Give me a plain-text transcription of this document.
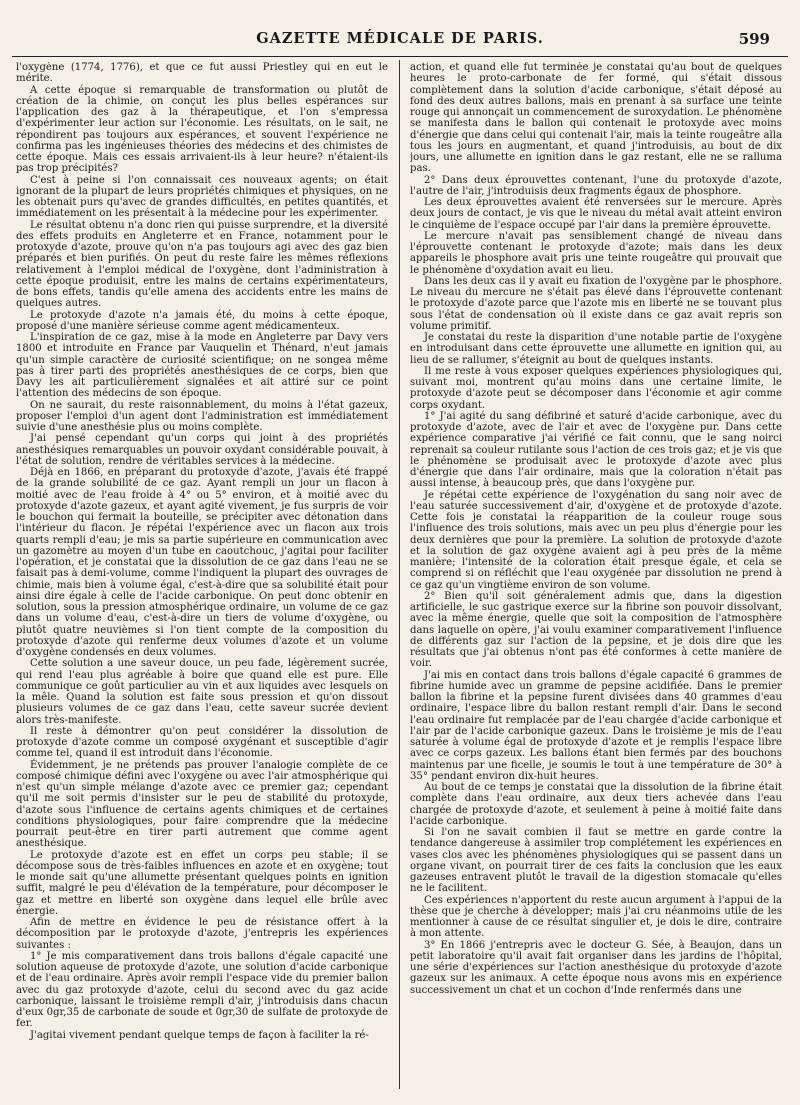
GAZETTE MÉDICALE DE PARIS.	599

l'oxygène (1774, 1776), et que ce fut aussi Priestley qui en eut le mérite.

A cette époque si remarquable de transformation ou plutôt de création de la chimie, on conçut les plus belles espérances sur l'application des gaz à la thérapeutique, et l'on s'empressa d'expérimenter leur action sur l'économie. Les résultats, on le sait, ne répondirent pas toujours aux espérances, et souvent l'expérience ne confirma pas les ingénieuses théories des médecins et des chimistes de cette époque. Mais ces essais arrivaient-ils à leur heure? n'étaient-ils pas trop précipités?

C'est à peine si l'on connaissait ces nouveaux agents; on était ignorant de la plupart de leurs propriétés chimiques et physiques, on ne les obtenait purs qu'avec de grandes difficultés, en petites quantités, et immédiatement on les présentait à la médecine pour les expérimenter.

Le résultat obtenu n'a donc rien qui puisse surprendre, et la diversité des effets produits en Angleterre et en France, notamment pour le protoxyde d'azote, prouve qu'on n'a pas toujours agi avec des gaz bien préparés et bien purifiés. On peut du reste faire les mêmes réflexions relativement à l'emploi médical de l'oxygène, dont l'administration à cette époque produisit, entre les mains de certains expérimentateurs, de bons effets, tandis qu'elle amena des accidents entre les mains de quelques autres.

Le protoxyde d'azote n'a jamais été, du moins à cette époque, proposé d'une manière sérieuse comme agent médicamenteux.

L'inspiration de ce gaz, mise à la mode en Angleterre par Davy vers 1800 et introduite en France par Vauquelin et Thénard, n'eut jamais qu'un simple caractère de curiosité scientifique; on ne songea même pas à tirer parti des propriétés anesthésiques de ce corps, bien que Davy les ait particulièrement signalées et ait attiré sur ce point l'attention des médecins de son époque.

On ne saurait, du reste raisonnablement, du moins à l'état gazeux, proposer l'emploi d'un agent dont l'administration est immédiatement suivie d'une anesthésie plus ou moins complète.

J'ai pensé cependant qu'un corps qui joint à des propriétés anesthésiques remarquables un pouvoir oxydant considérable pouvait, à l'état de solution, rendre de véritables services à la médecine.

Déjà en 1866, en préparant du protoxyde d'azote, j'avais été frappé de la grande solubilité de ce gaz. Ayant rempli un jour un flacon à moitié avec de l'eau froide à 4° ou 5° environ, et à moitié avec du protoxyde d'azote gazeux, et ayant agité vivement, je fus surpris de voir le bouchon qui fermait la bouteille, se précipiter avec détonation dans l'intérieur du flacon. Je répétai l'expérience avec un flacon aux trois quarts rempli d'eau; je mis sa partie supérieure en communication avec un gazomètre au moyen d'un tube en caoutchouc, j'agitai pour faciliter l'opération, et je constatai que la dissolution de ce gaz dans l'eau ne se faisait pas à demi-volume, comme l'indiquent la plupart des ouvrages de chimie, mais bien à volume égal, c'est-à-dire que sa solubilité était pour ainsi dire égale à celle de l'acide carbonique. On peut donc obtenir en solution, sous la pression atmosphérique ordinaire, un volume de ce gaz dans un volume d'eau, c'est-à-dire un tiers de volume d'oxygène, ou plutôt quatre neuvièmes si l'on tient compte de la composition du protoxyde d'azote qui renferme deux volumes d'azote et un volume d'oxygène condensés en deux volumes.

Cette solution a une saveur douce, un peu fade, légèrement sucrée, qui rend l'eau plus agréable à boire que quand elle est pure. Elle communique ce goût particulier au vin et aux liquides avec lesquels on la mêle. Quand la solution est faite sous pression et qu'on dissout plusieurs volumes de ce gaz dans l'eau, cette saveur sucrée devient alors très-manifeste.

Il reste à démontrer qu'on peut considérer la dissolution de protoxyde d'azote comme un composé oxygénant et susceptible d'agir comme tel, quand il est introduit dans l'économie.

Évidemment, je ne prétends pas prouver l'analogie complète de ce composé chimique défini avec l'oxygène ou avec l'air atmosphérique qui n'est qu'un simple mélange d'azote avec ce premier gaz; cependant qu'il me soit permis d'insister sur le peu de stabilité du protoxyde, d'azote sous l'influence de certains agents chimiques et de certaines conditions physiologiques, pour faire comprendre que la médecine pourrait peut-être en tirer parti autrement que comme agent anesthésique.

Le protoxyde d'azote est en effet un corps peu stable; il se décompose sous de très-faibles influences en azote et en oxygène; tout le monde sait qu'une allumette présentant quelques points en ignition suffit, malgré le peu d'élévation de la température, pour décomposer le gaz et mettre en liberté son oxygène dans lequel elle brûle avec énergie.

Afin de mettre en évidence le peu de résistance offert à la décomposition par le protoxyde d'azote, j'entrepris les expériences suivantes :

1° Je mis comparativement dans trois ballons d'égale capacité une solution aqueuse de protoxyde d'azote, une solution d'acide carbonique et de l'eau ordinaire. Après avoir rempli l'espace vide du premier ballon avec du gaz protoxyde d'azote, celui du second avec du gaz acide carbonique, laissant le troisième rempli d'air, j'introduisis dans chacun d'eux 0gr,35 de carbonate de soude et 0gr,30 de sulfate de protoxyde de fer.

J'agitai vivement pendant quelque temps de façon à faciliter la ré-

action, et quand elle fut terminée je constatai qu'au bout de quelques heures le proto-carbonate de fer formé, qui s'était dissous complètement dans la solution d'acide carbonique, s'était déposé au fond des deux autres ballons, mais en prenant à sa surface une teinte rouge qui annonçait un commencement de suroxydation. Le phénomène se manifesta dans le ballon qui contenait le protoxyde avec moins d'énergie que dans celui qui contenait l'air, mais la teinte rougeâtre alla tous les jours en augmentant, et quand j'introduisis, au bout de dix jours, une allumette en ignition dans le gaz restant, elle ne se ralluma pas.

2° Dans deux éprouvettes contenant, l'une du protoxyde d'azote, l'autre de l'air, j'introduisis deux fragments égaux de phosphore.

Les deux éprouvettes avaient été renversées sur le mercure. Après deux jours de contact, je vis que le niveau du métal avait atteint environ le cinquième de l'espace occupé par l'air dans la première éprouvette.

Le mercure n'avait pas sensiblement changé de niveau dans l'éprouvette contenant le protoxyde d'azote; mais dans les deux appareils le phosphore avait pris une teinte rougeâtre qui prouvait que le phénomène d'oxydation avait eu lieu.

Dans les deux cas il y avait eu fixation de l'oxygène par le phosphore. Le niveau du mercure ne s'était pas élevé dans l'éprouvette contenant le protoxyde d'azote parce que l'azote mis en liberté ne se touvant plus sous l'état de condensation où il existe dans ce gaz avait repris son volume primitif.

Je constatai du reste la disparition d'une notable partie de l'oxygène en introduisant dans cette éprouvette une allumette en ignition qui, au lieu de se rallumer, s'éteignit au bout de quelques instants.

Il me reste à vous exposer quelques expériences physiologiques qui, suivant moi, montrent qu'au moins dans une certaine limite, le protoxyde d'azote peut se décomposer dans l'économie et agir comme corps oxydant.

1° J'ai agité du sang défibriné et saturé d'acide carbonique, avec du protoxyde d'azote, avec de l'air et avec de l'oxygène pur. Dans cette expérience comparative j'ai vérifié ce fait connu, que le sang noirci reprenait sa couleur rutilante sous l'action de ces trois gaz; et je vis que le phénomène se produisait avec le protoxyde d'azote avec plus d'énergie que dans l'air ordinaire, mais que la coloration n'était pas aussi intense, à beaucoup près, que dans l'oxygène pur.

Je répétai cette expérience de l'oxygénation du sang noir avec de l'eau saturée successivement d'air, d'oxygène et de protoxyde d'azote. Cette fois je constatai la réapparition de la couleur rouge sous l'influence des trois solutions, mais avec un peu plus d'énergie pour les deux dernières que pour la première. La solution de protoxyde d'azote et la solution de gaz oxygène avaient agi à peu près de la même manière; l'intensité de la coloration était presque égale, et cela se comprend si on réfléchit que l'eau oxygénée par dissolution ne prend à ce gaz qu'un vingtième environ de son volume.

2° Bien qu'il soit généralement admis que, dans la digestion artificielle, le suc gastrique exerce sur la fibrine son pouvoir dissolvant, avec la même énergie, quelle que soit la composition de l'atmosphère dans laquelle on opère, j'ai voulu examiner comparativement l'influence de différents gaz sur l'action de la pepsine, et je dois dire que les résultats que j'ai obtenus n'ont pas été conformes à cette manière de voir.

J'ai mis en contact dans trois ballons d'égale capacité 6 grammes de fibrine humide avec un gramme de pepsine acidifiée. Dans le premier ballon la fibrine et la pepsine furent divisées dans 40 grammes d'eau ordinaire, l'espace libre du ballon restant rempli d'air. Dans le second l'eau ordinaire fut remplacée par de l'eau chargée d'acide carbonique et l'air par de l'acide carbonique gazeux. Dans le troisième je mis de l'eau saturée à volume égal de protoxyde d'azote et je remplis l'espace libre avec ce corps gazeux. Les ballons étant bien fermés par des bouchons maintenus par une ficelle, je soumis le tout à une température de 30° à 35° pendant environ dix-huit heures.

Au bout de ce temps je constatai que la dissolution de la fibrine était complète dans l'eau ordinaire, aux deux tiers achevée dans l'eau chargée de protoxyde d'azote, et seulement à peine à moitié faite dans l'acide carbonique.

Si l'on ne savait combien il faut se mettre en garde contre la tendance dangereuse à assimiler trop complétement les expériences en vases clos avec les phénomènes physiologiques qui se passent dans un organe vivant, on pourrait tirer de ces faits la conclusion que les eaux gazeuses entravent plutôt le travail de la digestion stomacale qu'elles ne le facilitent.

Ces expériences n'apportent du reste aucun argument à l'appui de la thèse que je cherche à développer; mais j'ai cru néanmoins utile de les mentionner à cause de ce résultat singulier et, je dois le dire, contraire à mon attente.

3° En 1866 j'entrepris avec le docteur G. Sée, à Beaujon, dans un petit laboratoire qu'il avait fait organiser dans les jardins de l'hôpital, une série d'expériences sur l'action anesthésique du protoxyde d'azote gazeux sur les animaux. A cette époque nous avons mis en expérience successivement un chat et un cochon d'Inde renfermés dans une
